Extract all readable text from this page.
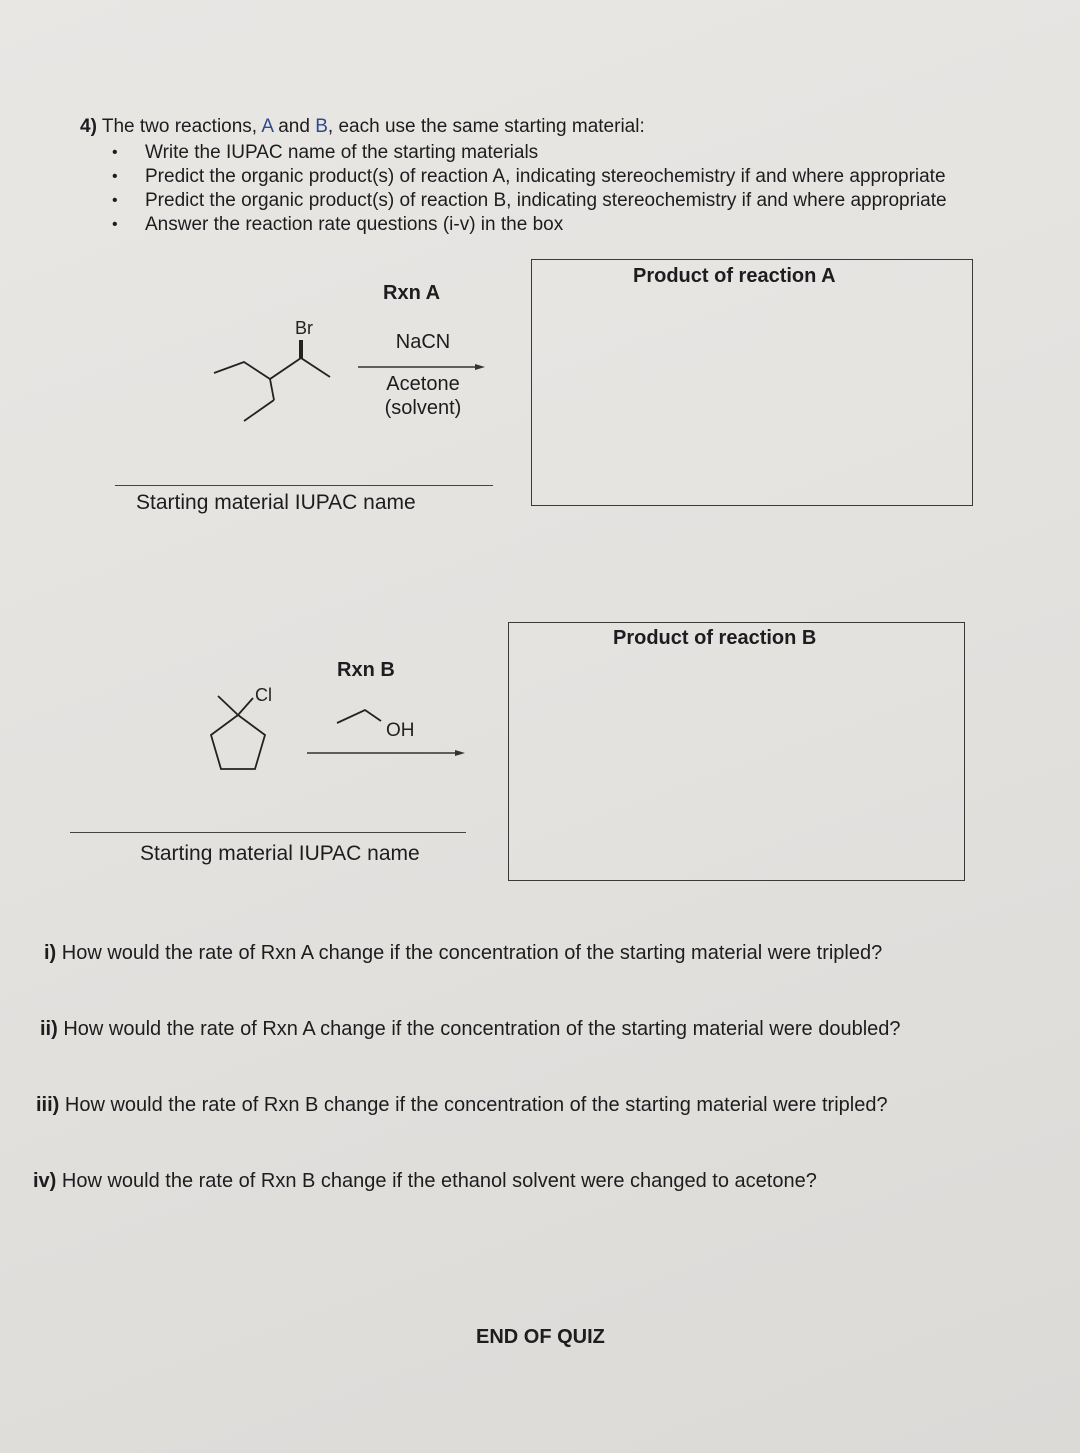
4) The two reactions, A and B, each use the same starting material:
• Write the IUPAC name of the starting materials
• Predict the organic product(s) of reaction A, indicating stereochemistry if and where appropriate
• Predict the organic product(s) of reaction B, indicating stereochemistry if and where appropriate
• Answer the reaction rate questions (i-v) in the box
Rxn A
Br
NaCN
Acetone
(solvent)
Product of reaction A
Starting material IUPAC name
Rxn B
Cl
OH
Product of reaction B
Starting material IUPAC name
i) How would the rate of Rxn A change if the concentration of the starting material were tripled?
ii) How would the rate of Rxn A change if the concentration of the starting material were doubled?
iii) How would the rate of Rxn B change if the concentration of the starting material were tripled?
iv) How would the rate of Rxn B change if the ethanol solvent were changed to acetone?
END OF QUIZ
